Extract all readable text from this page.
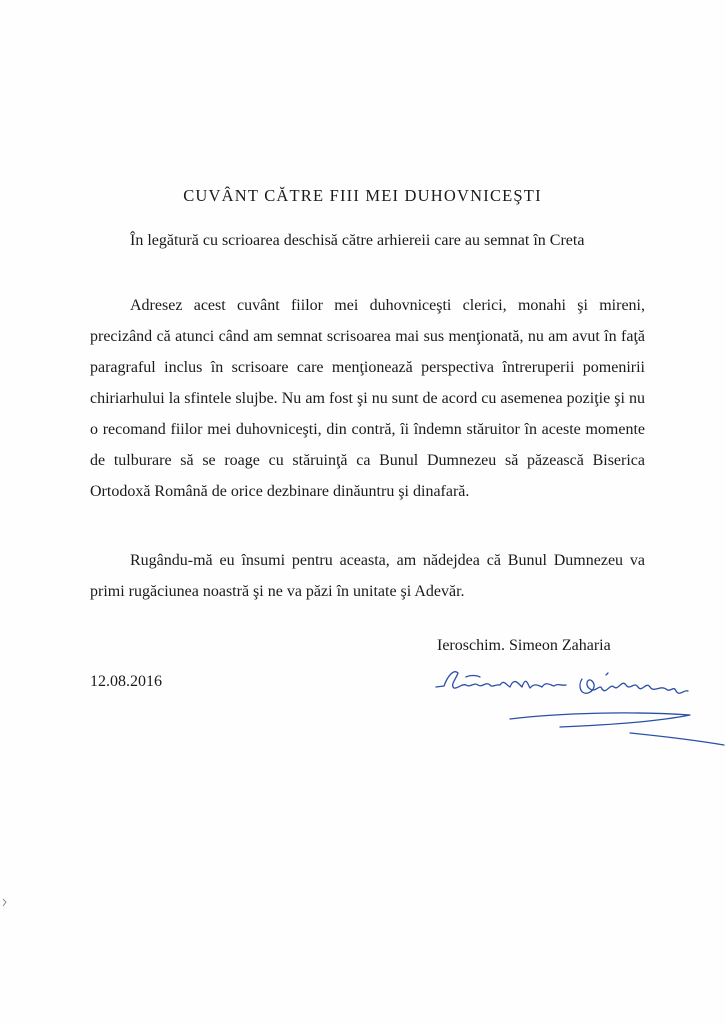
CUVÂNT CĂTRE FIII MEI DUHOVNICEŞTI

În legătură cu scrioarea deschisă către arhiereii care au semnat în Creta

Adresez acest cuvânt fiilor mei duhovniceşti clerici, monahi şi mireni, precizând că atunci când am semnat scrisoarea mai sus menţionată, nu am avut în faţă paragraful inclus în scrisoare care menţionează perspectiva întreruperii pomenirii chiriarhului la sfintele slujbe. Nu am fost şi nu sunt de acord cu asemenea poziţie şi nu o recomand fiilor mei duhovniceşti, din contră, îi îndemn stăruitor în aceste momente de tulburare să se roage cu stăruinţă ca Bunul Dumnezeu să păzească Biserica Ortodoxă Română de orice dezbinare dinăuntru şi dinafară.

Rugându-mă eu însumi pentru aceasta, am nădejdea că Bunul Dumnezeu va primi rugăciunea noastră şi ne va păzi în unitate şi Adevăr.

Ieroschim. Simeon Zaharia

12.08.2016
